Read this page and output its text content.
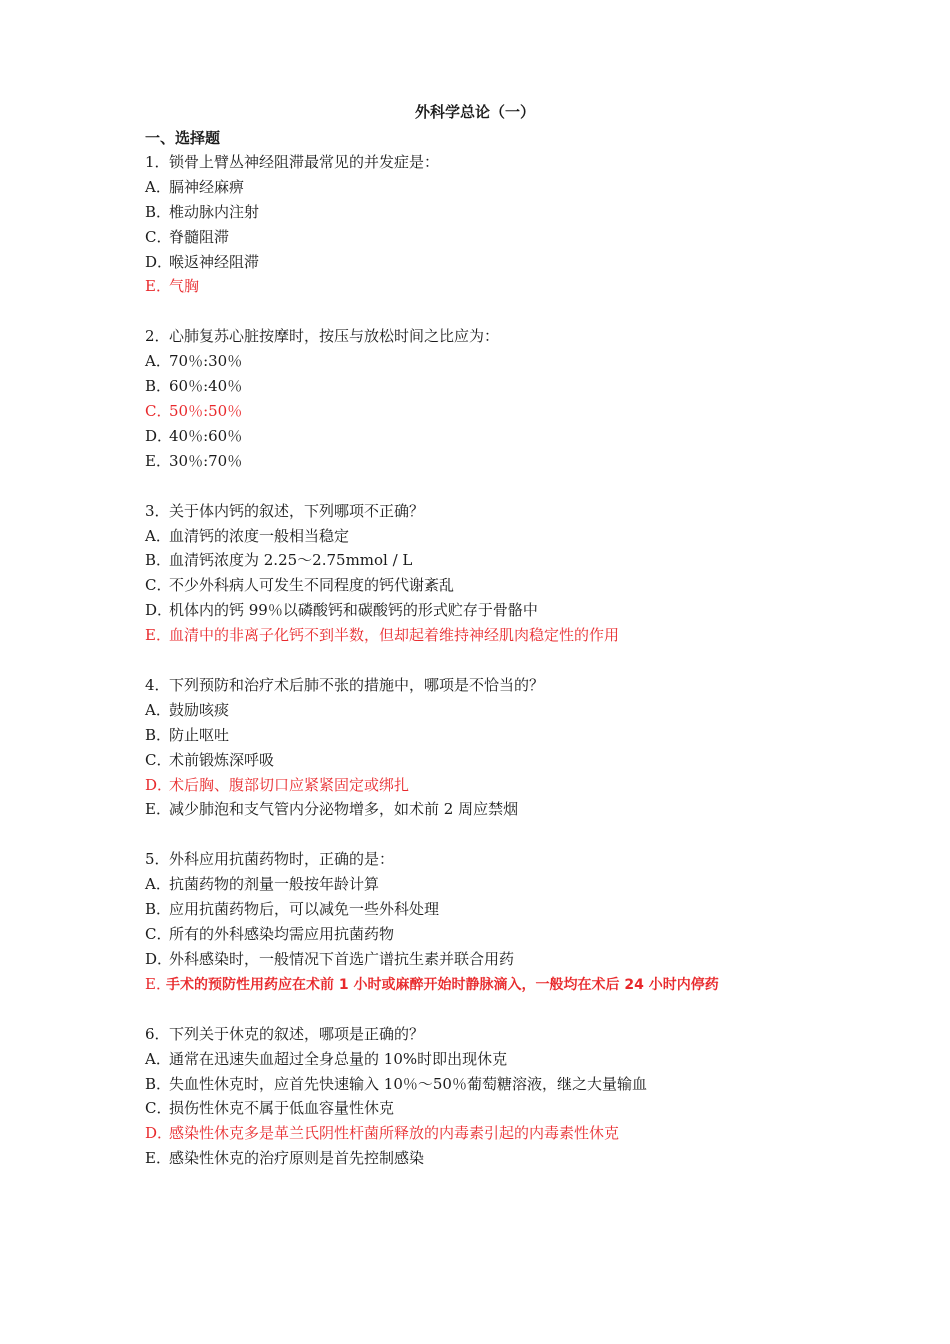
外科学总论（一）
一、选择题
1．锁骨上臂丛神经阻滞最常见的并发症是：
A．膈神经麻痹
B．椎动脉内注射
C．脊髓阻滞
D．喉返神经阻滞
E．气胸
2．心肺复苏心脏按摩时，按压与放松时间之比应为：
A．70％:30％
B．60％:40％
C．50％:50％
D．40％:60％
E．30％:70％
3．关于体内钙的叙述，下列哪项不正确？
A．血清钙的浓度一般相当稳定
B．血清钙浓度为 2.25～2.75mmol / L
C．不少外科病人可发生不同程度的钙代谢紊乱
D．机体内的钙 99％以磷酸钙和碳酸钙的形式贮存于骨骼中
E．血清中的非离子化钙不到半数，但却起着维持神经肌肉稳定性的作用
4．下列预防和治疗术后肺不张的措施中，哪项是不恰当的？
A．鼓励咳痰
B．防止呕吐
C．术前锻炼深呼吸
D．术后胸、腹部切口应紧紧固定或绑扎
E．减少肺泡和支气管内分泌物增多，如术前 2 周应禁烟
5．外科应用抗菌药物时，正确的是：
A．抗菌药物的剂量一般按年龄计算
B．应用抗菌药物后，可以减免一些外科处理
C．所有的外科感染均需应用抗菌药物
D．外科感染时，一般情况下首选广谱抗生素并联合用药
E．手术的预防性用药应在术前 1 小时或麻醉开始时静脉滴入，一般均在术后 24 小时内停药
6．下列关于休克的叙述，哪项是正确的？
A．通常在迅速失血超过全身总量的 10%时即出现休克
B．失血性休克时，应首先快速输入 10％～50％葡萄糖溶液，继之大量输血
C．损伤性休克不属于低血容量性休克
D．感染性休克多是革兰氏阴性杆菌所释放的内毒素引起的内毒素性休克
E．感染性休克的治疗原则是首先控制感染
